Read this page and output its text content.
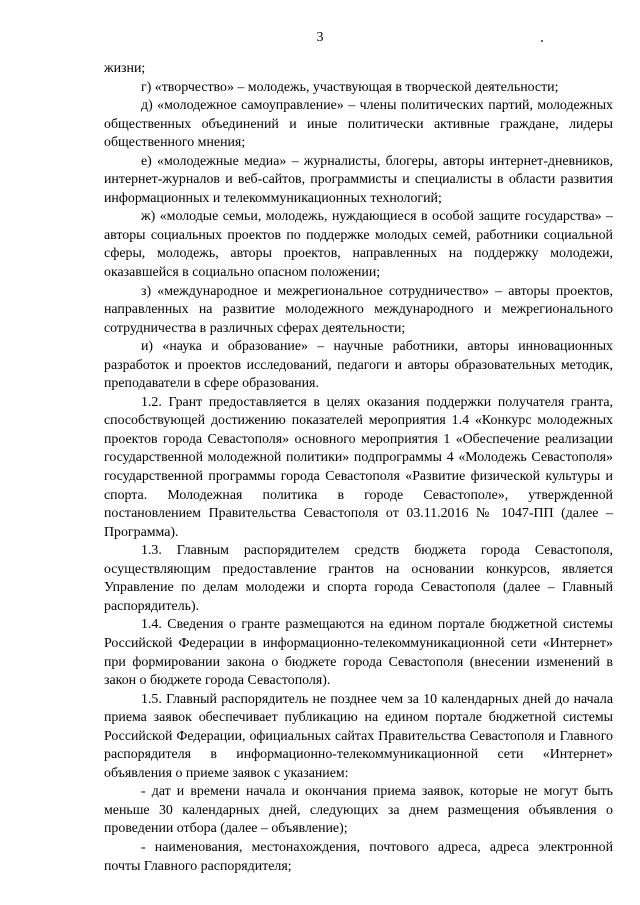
3

жизни;

г) «творчество» – молодежь, участвующая в творческой деятельности;

д) «молодежное самоуправление» – члены политических партий, молодежных общественных объединений и иные политически активные граждане, лидеры общественного мнения;

е) «молодежные медиа» – журналисты, блогеры, авторы интернет-дневников, интернет-журналов и веб-сайтов, программисты и специалисты в области развития информационных и телекоммуникационных технологий;

ж) «молодые семьи, молодежь, нуждающиеся в особой защите государства» – авторы социальных проектов по поддержке молодых семей, работники социальной сферы, молодежь, авторы проектов, направленных на поддержку молодежи, оказавшейся в социально опасном положении;

з) «международное и межрегиональное сотрудничество» – авторы проектов, направленных на развитие молодежного международного и межрегионального сотрудничества в различных сферах деятельности;

и) «наука и образование» – научные работники, авторы инновационных разработок и проектов исследований, педагоги и авторы образовательных методик, преподаватели в сфере образования.

1.2. Грант предоставляется в целях оказания поддержки получателя гранта, способствующей достижению показателей мероприятия 1.4 «Конкурс молодежных проектов города Севастополя» основного мероприятия 1 «Обеспечение реализации государственной молодежной политики» подпрограммы 4 «Молодежь Севастополя» государственной программы города Севастополя «Развитие физической культуры и спорта. Молодежная политика в городе Севастополе», утвержденной постановлением Правительства Севастополя от 03.11.2016 № 1047-ПП (далее – Программа).

1.3. Главным распорядителем средств бюджета города Севастополя, осуществляющим предоставление грантов на основании конкурсов, является Управление по делам молодежи и спорта города Севастополя (далее – Главный распорядитель).

1.4. Сведения о гранте размещаются на едином портале бюджетной системы Российской Федерации в информационно-телекоммуникационной сети «Интернет» при формировании закона о бюджете города Севастополя (внесении изменений в закон о бюджете города Севастополя).

1.5. Главный распорядитель не позднее чем за 10 календарных дней до начала приема заявок обеспечивает публикацию на едином портале бюджетной системы Российской Федерации, официальных сайтах Правительства Севастополя и Главного распорядителя в информационно-телекоммуникационной сети «Интернет» объявления о приеме заявок с указанием:

- дат и времени начала и окончания приема заявок, которые не могут быть меньше 30 календарных дней, следующих за днем размещения объявления о проведении отбора (далее – объявление);

- наименования, местонахождения, почтового адреса, адреса электронной почты Главного распорядителя;
